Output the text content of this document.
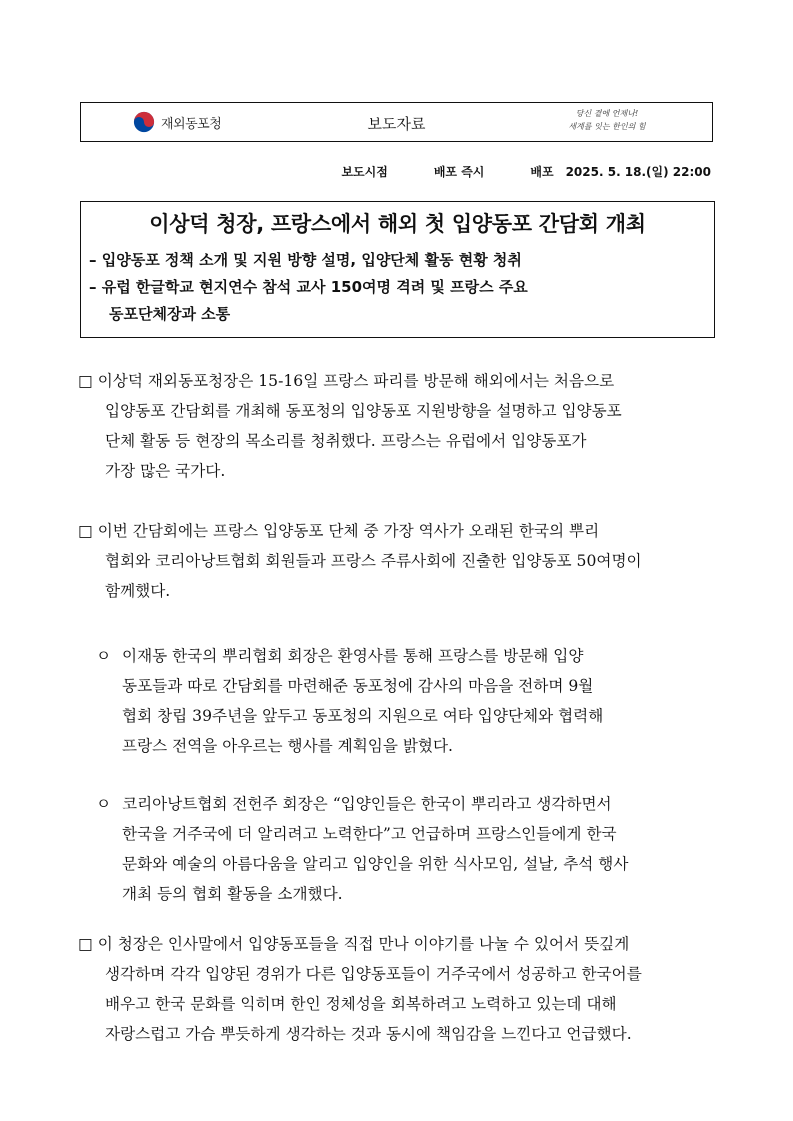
재외동포청	보도자료
당신 곁에 언제나!
세계를 잇는 한인의 힘
보도시점	배포 즉시	배포 2025. 5. 18.(일) 22:00
이상덕 청장, 프랑스에서 해외 첫 입양동포 간담회 개최
– 입양동포 정책 소개 및 지원 방향 설명, 입양단체 활동 현황 청취
– 유럽 한글학교 현지연수 참석 교사 150여명 격려 및 프랑스 주요
동포단체장과 소통
□ 이상덕 재외동포청장은 15-16일 프랑스 파리를 방문해 해외에서는 처음으로
입양동포 간담회를 개최해 동포청의 입양동포 지원방향을 설명하고 입양동포
단체 활동 등 현장의 목소리를 청취했다. 프랑스는 유럽에서 입양동포가
가장 많은 국가다.
□ 이번 간담회에는 프랑스 입양동포 단체 중 가장 역사가 오래된 한국의 뿌리
협회와 코리아낭트협회 회원들과 프랑스 주류사회에 진출한 입양동포 50여명이
함께했다.
ㅇ 이재동 한국의 뿌리협회 회장은 환영사를 통해 프랑스를 방문해 입양
동포들과 따로 간담회를 마련해준 동포청에 감사의 마음을 전하며 9월
협회 창립 39주년을 앞두고 동포청의 지원으로 여타 입양단체와 협력해
프랑스 전역을 아우르는 행사를 계획임을 밝혔다.
ㅇ 코리아낭트협회 전헌주 회장은 “입양인들은 한국이 뿌리라고 생각하면서
한국을 거주국에 더 알리려고 노력한다”고 언급하며 프랑스인들에게 한국
문화와 예술의 아름다움을 알리고 입양인을 위한 식사모임, 설날, 추석 행사
개최 등의 협회 활동을 소개했다.
□ 이 청장은 인사말에서 입양동포들을 직접 만나 이야기를 나눌 수 있어서 뜻깊게
생각하며 각각 입양된 경위가 다른 입양동포들이 거주국에서 성공하고 한국어를
배우고 한국 문화를 익히며 한인 정체성을 회복하려고 노력하고 있는데 대해
자랑스럽고 가슴 뿌듯하게 생각하는 것과 동시에 책임감을 느낀다고 언급했다.
